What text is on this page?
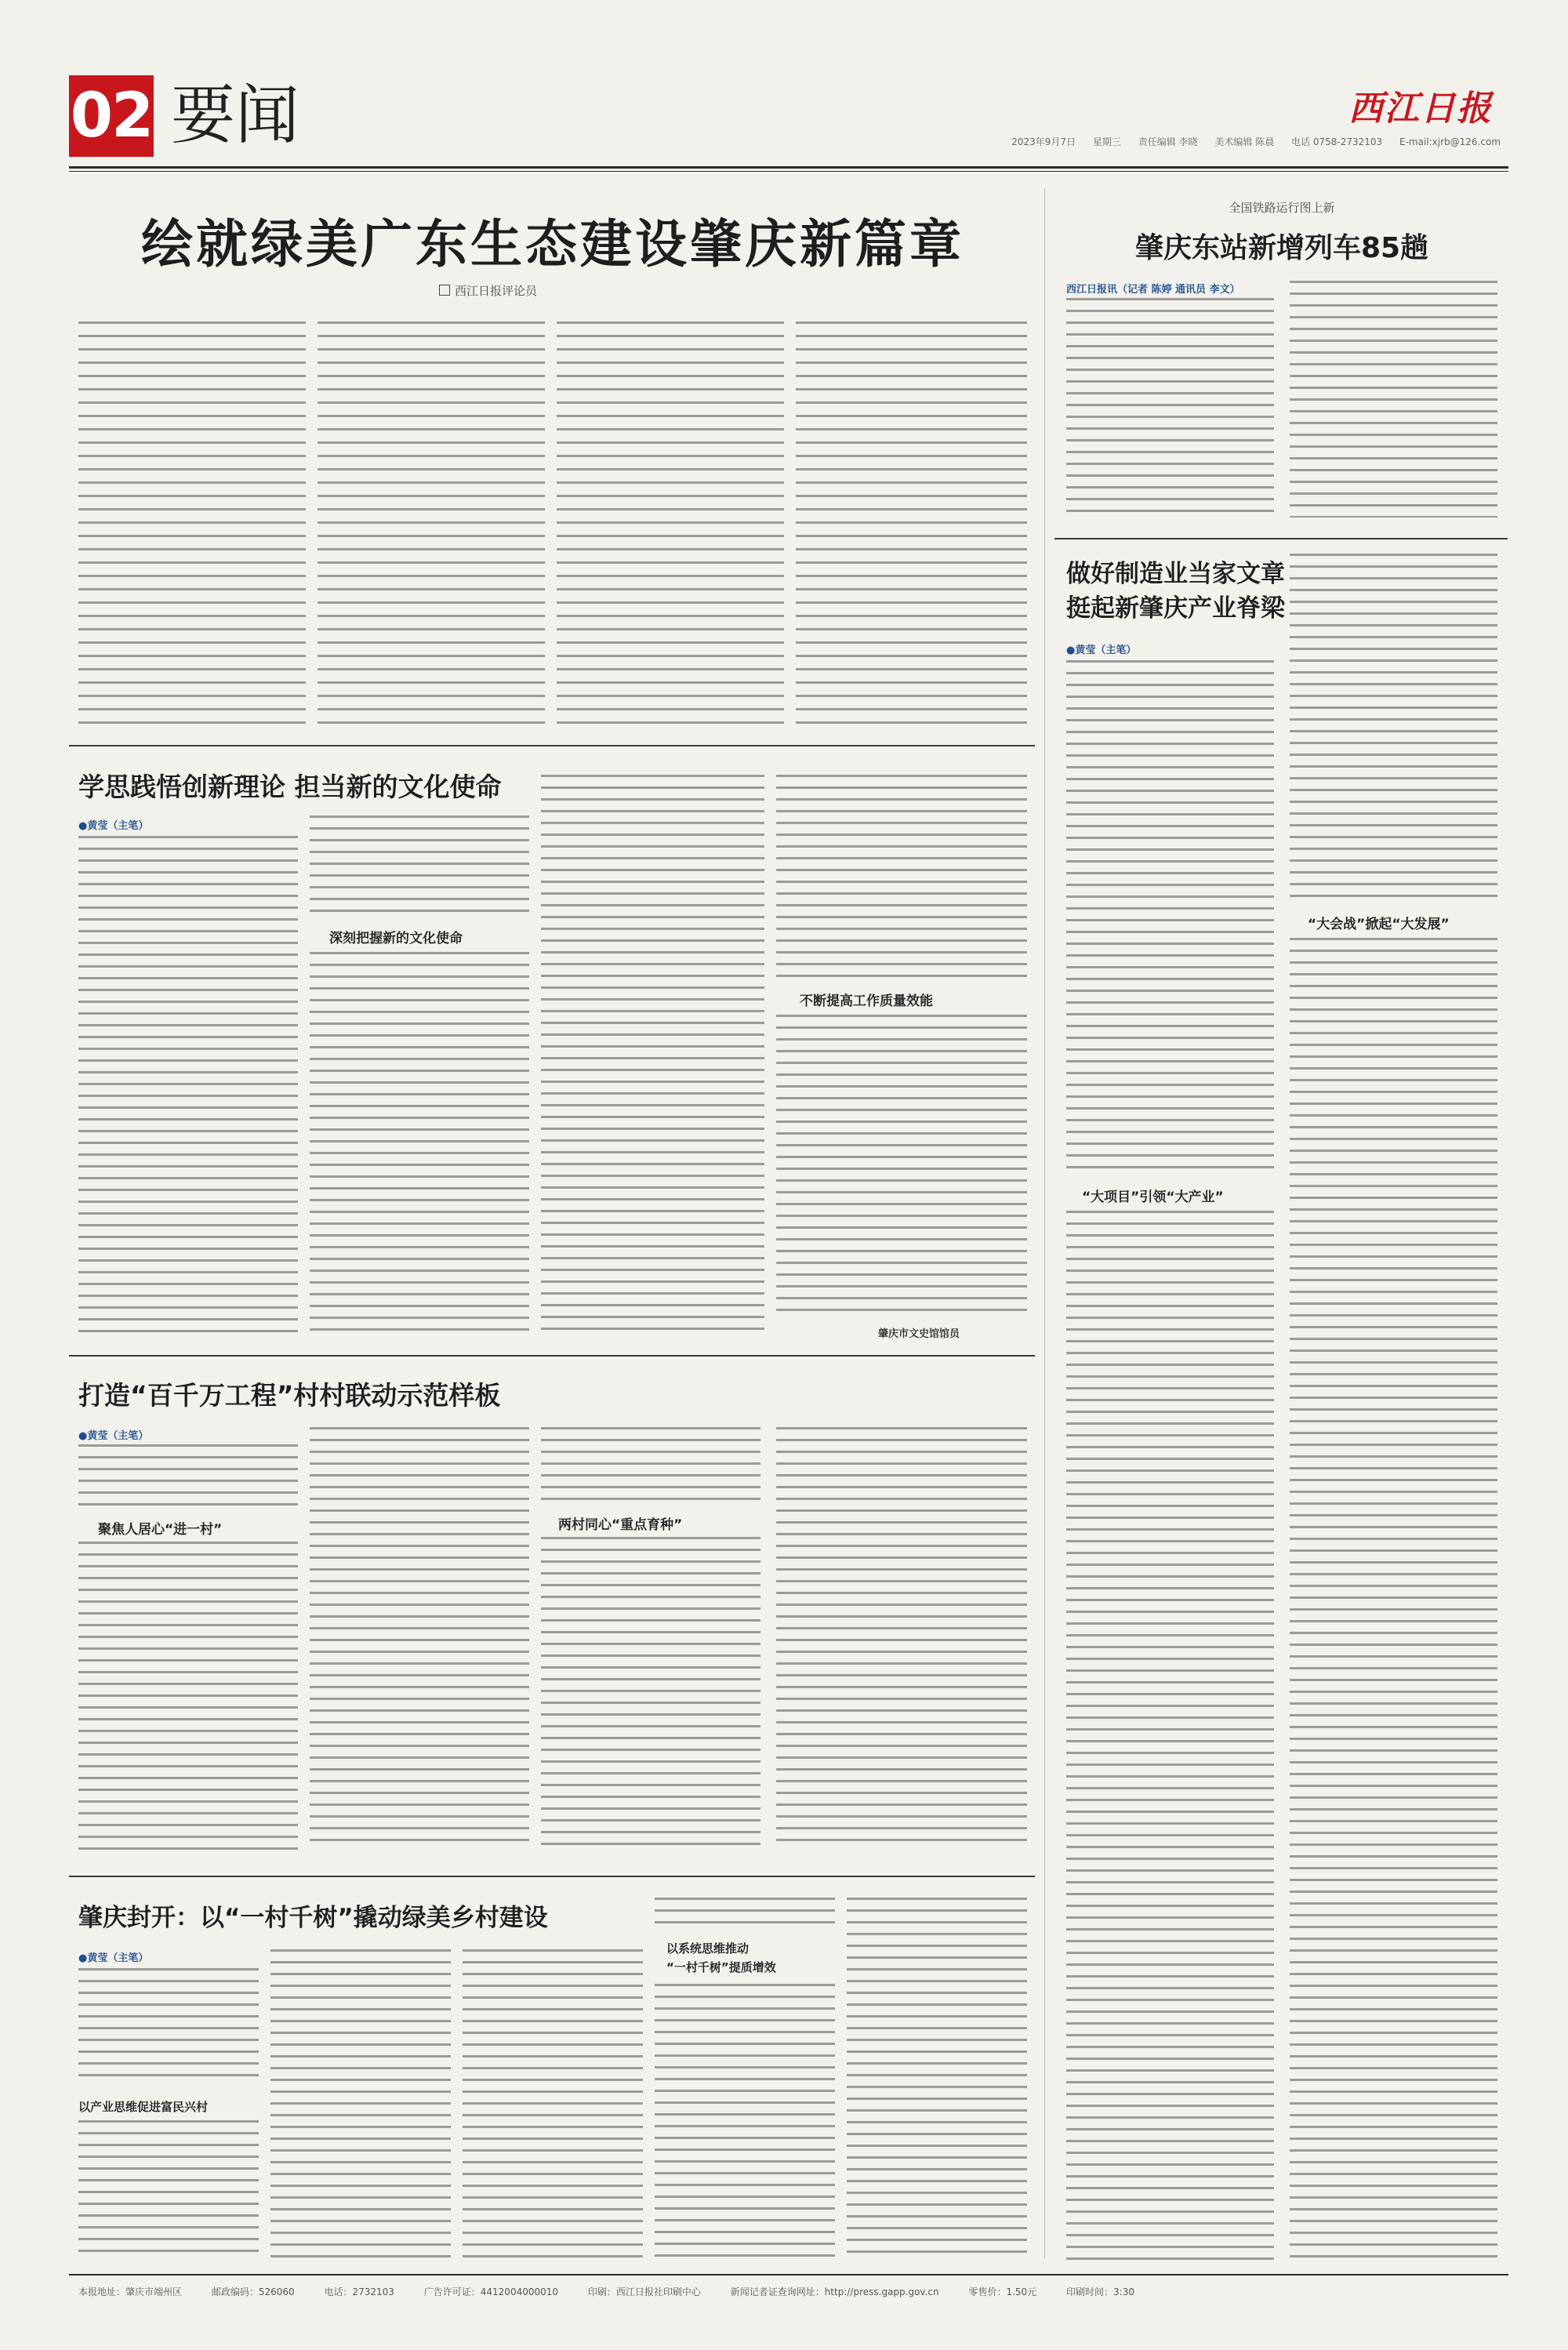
02 要闻	西江日报
2023年9月7日 星期三 责任编辑 李晓 美术编辑 陈晨 电话 0758-2732103 E-mail:xjrb@126.com
绘就绿美广东生态建设肇庆新篇章
西江日报评论员
学思践悟创新理论 担当新的文化使命
●黄莹（主笔）
深刻把握新的文化使命
不断提高工作质量效能
肇庆市文史馆馆员
打造“百千万工程”村村联动示范样板
●黄莹（主笔）
聚焦人居心“进一村”	两村同心“重点育种”
肇庆封开：以“一村千树”撬动绿美乡村建设
●黄莹（主笔）
以产业思维促进富民兴村
以系统思维推动
“一村千树”提质增效
全国铁路运行图上新
肇庆东站新增列车85趟
西江日报讯（记者 陈婷 通讯员 李文）
做好制造业当家文章
挺起新肇庆产业脊梁
●黄莹（主笔）
“大项目”引领“大产业”
“大会战”掀起“大发展”
本报地址：肇庆市端州区	邮政编码：526060	电话：2732103	广告许可证：4412004000010	印刷：西江日报社印刷中心	新闻记者证查询网址：http://press.gapp.gov.cn	零售价：1.50元	印刷时间：3:30
